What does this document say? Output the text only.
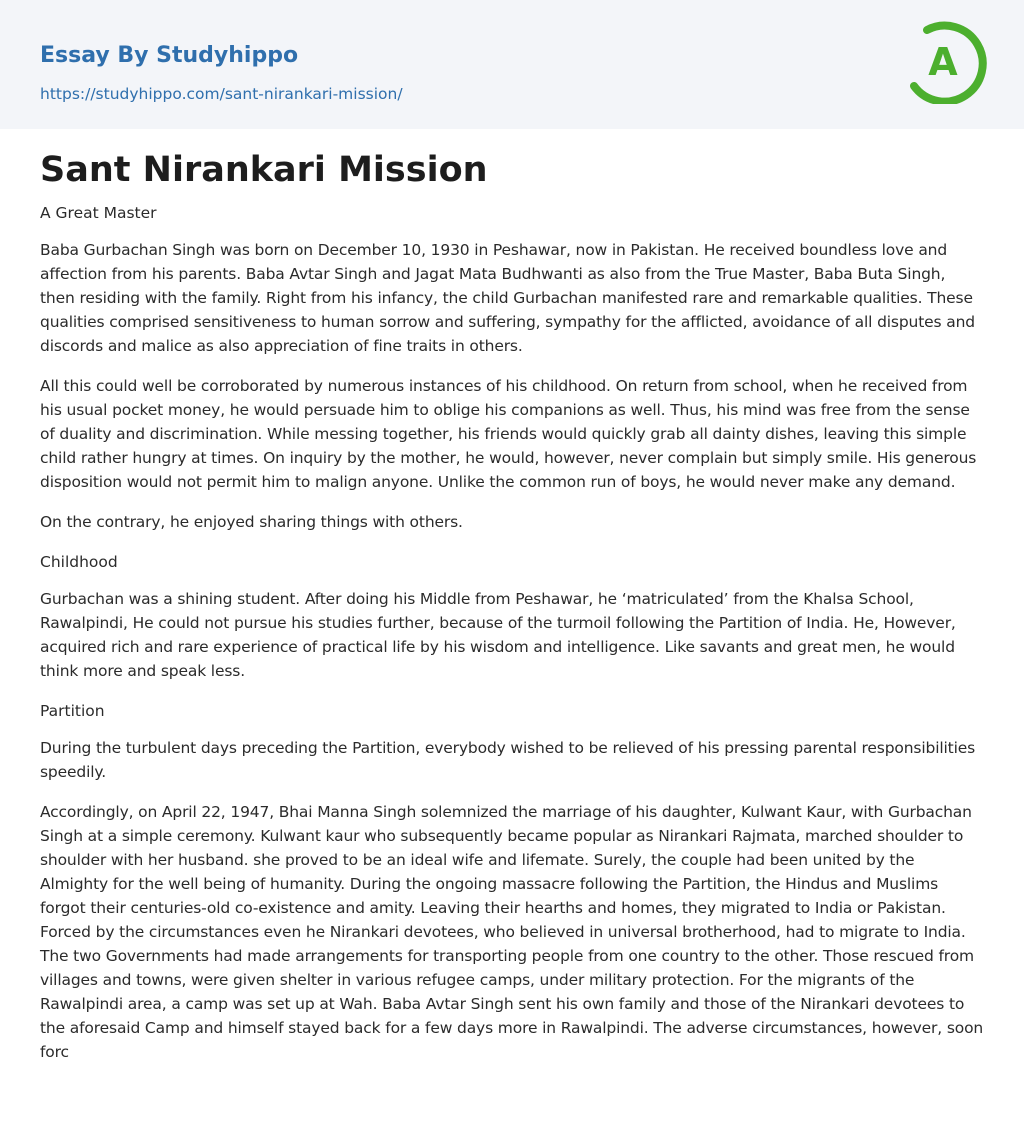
Essay By Studyhippo
https://studyhippo.com/sant-nirankari-mission/
A
Sant Nirankari Mission

A Great Master

Baba Gurbachan Singh was born on December 10, 1930 in Peshawar, now in Pakistan. He received boundless love and affection from his parents. Baba Avtar Singh and Jagat Mata Budhwanti as also from the True Master, Baba Buta Singh, then residing with the family. Right from his infancy, the child Gurbachan manifested rare and remarkable qualities. These qualities comprised sensitiveness to human sorrow and suffering, sympathy for the afflicted, avoidance of all disputes and discords and malice as also appreciation of fine traits in others.

All this could well be corroborated by numerous instances of his childhood. On return from school, when he received from his usual pocket money, he would persuade him to oblige his companions as well. Thus, his mind was free from the sense of duality and discrimination. While messing together, his friends would quickly grab all dainty dishes, leaving this simple child rather hungry at times. On inquiry by the mother, he would, however, never complain but simply smile. His generous disposition would not permit him to malign anyone. Unlike the common run of boys, he would never make any demand.

On the contrary, he enjoyed sharing things with others.

Childhood

Gurbachan was a shining student. After doing his Middle from Peshawar, he ‘matriculated’ from the Khalsa School, Rawalpindi, He could not pursue his studies further, because of the turmoil following the Partition of India. He, However, acquired rich and rare experience of practical life by his wisdom and intelligence. Like savants and great men, he would think more and speak less.

Partition

During the turbulent days preceding the Partition, everybody wished to be relieved of his pressing parental responsibilities speedily.

Accordingly, on April 22, 1947, Bhai Manna Singh solemnized the marriage of his daughter, Kulwant Kaur, with Gurbachan Singh at a simple ceremony. Kulwant kaur who subsequently became popular as Nirankari Rajmata, marched shoulder to shoulder with her husband. she proved to be an ideal wife and lifemate. Surely, the couple had been united by the Almighty for the well being of humanity. During the ongoing massacre following the Partition, the Hindus and Muslims forgot their centuries-old co-existence and amity. Leaving their hearths and homes, they migrated to India or Pakistan. Forced by the circumstances even he Nirankari devotees, who believed in universal brotherhood, had to migrate to India. The two Governments had made arrangements for transporting people from one country to the other. Those rescued from villages and towns, were given shelter in various refugee camps, under military protection. For the migrants of the Rawalpindi area, a camp was set up at Wah. Baba Avtar Singh sent his own family and those of the Nirankari devotees to the aforesaid Camp and himself stayed back for a few days more in Rawalpindi. The adverse circumstances, however, soon forc
